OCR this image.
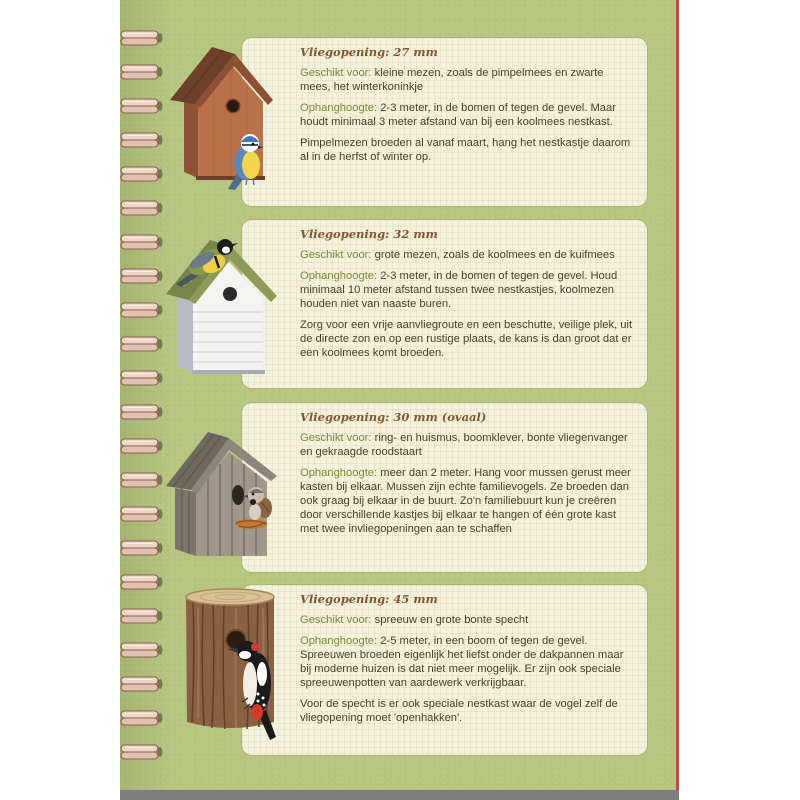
Vliegopening: 27 mm

Geschikt voor: kleine mezen, zoals de pimpelmees en zwarte mees, het winterkoninkje

Ophanghoogte: 2-3 meter, in de bomen of tegen de gevel. Maar houdt minimaal 3 meter afstand van bij een koolmees nestkast.

Pimpelmezen broeden al vanaf maart, hang het nestkastje daarom al in de herfst of winter op.

Vliegopening: 32 mm

Geschikt voor: grote mezen, zoals de koolmees en de kuifmees

Ophanghoogte: 2-3 meter, in de bomen of tegen de gevel. Houd minimaal 10 meter afstand tussen twee nestkastjes, koolmezen houden niet van naaste buren.

Zorg voor een vrije aanvliegroute en een beschutte, veilige plek, uit de directe zon en op een rustige plaats, de kans is dan groot dat er een koolmees komt broeden.

Vliegopening: 30 mm (ovaal)

Geschikt voor: ring- en huismus, boomklever, bonte vliegenvanger en gekraagde roodstaart

Ophanghoogte: meer dan 2 meter. Hang voor mussen gerust meer kasten bij elkaar. Mussen zijn echte familievogels. Ze broeden dan ook graag bij elkaar in de buurt. Zo'n familiebuurt kun je creëren door verschillende kastjes bij elkaar te hangen of één grote kast met twee invliegopeningen aan te schaffen

Vliegopening: 45 mm

Geschikt voor: spreeuw en grote bonte specht

Ophanghoogte: 2-5 meter, in een boom of tegen de gevel. Spreeuwen broeden eigenlijk het liefst onder de dakpannen maar bij moderne huizen is dat niet meer mogelijk. Er zijn ook speciale spreeuwenpotten van aardewerk verkrijgbaar.

Voor de specht is er ook speciale nestkast waar de vogel zelf de vliegopening moet 'openhakken'.
